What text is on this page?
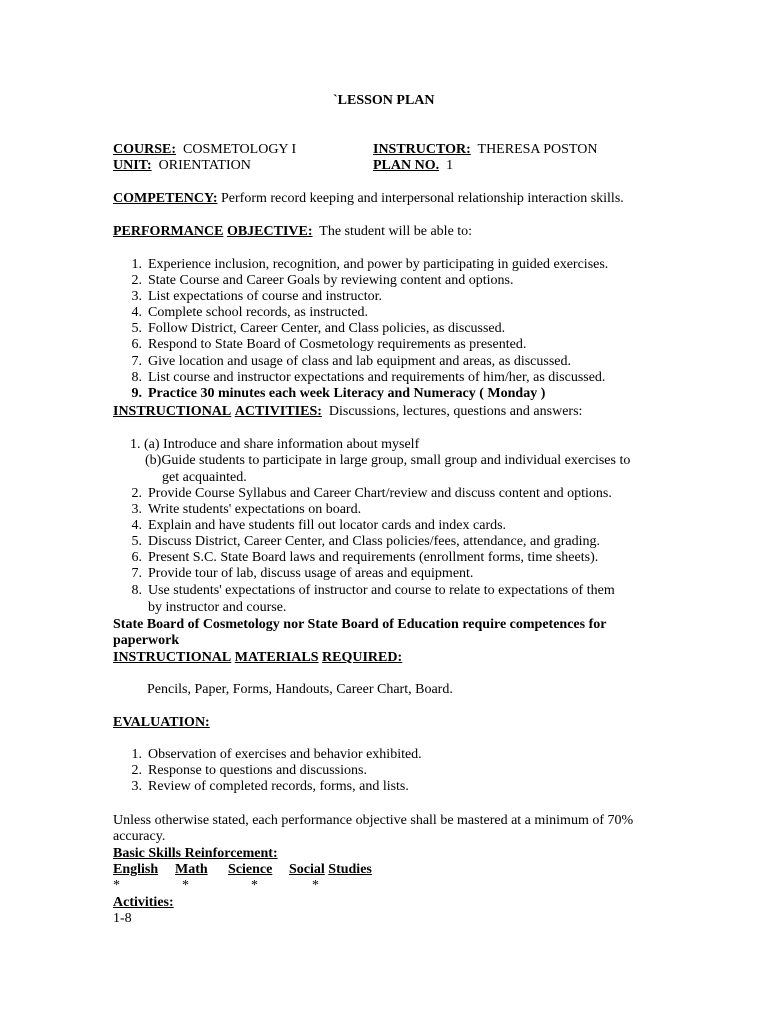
`LESSON PLAN
COURSE: COSMETOLOGY I	INSTRUCTOR: THERESA POSTON
UNIT: ORIENTATION	PLAN NO. 1
COMPETENCY: Perform record keeping and interpersonal relationship interaction skills.
PERFORMANCE OBJECTIVE: The student will be able to:
1. Experience inclusion, recognition, and power by participating in guided exercises.
2. State Course and Career Goals by reviewing content and options.
3. List expectations of course and instructor.
4. Complete school records, as instructed.
5. Follow District, Career Center, and Class policies, as discussed.
6. Respond to State Board of Cosmetology requirements as presented.
7. Give location and usage of class and lab equipment and areas, as discussed.
8. List course and instructor expectations and requirements of him/her, as discussed.
9. Practice 30 minutes each week Literacy and Numeracy ( Monday )
INSTRUCTIONAL ACTIVITIES: Discussions, lectures, questions and answers:
1. (a) Introduce and share information about myself
(b)Guide students to participate in large group, small group and individual exercises to
get acquainted.
2. Provide Course Syllabus and Career Chart/review and discuss content and options.
3. Write students' expectations on board.
4. Explain and have students fill out locator cards and index cards.
5. Discuss District, Career Center, and Class policies/fees, attendance, and grading.
6. Present S.C. State Board laws and requirements (enrollment forms, time sheets).
7. Provide tour of lab, discuss usage of areas and equipment.
8. Use students' expectations of instructor and course to relate to expectations of them
by instructor and course.
State Board of Cosmetology nor State Board of Education require competences for
paperwork
INSTRUCTIONAL MATERIALS REQUIRED:
Pencils, Paper, Forms, Handouts, Career Chart, Board.
EVALUATION:
1. Observation of exercises and behavior exhibited.
2. Response to questions and discussions.
3. Review of completed records, forms, and lists.
Unless otherwise stated, each performance objective shall be mastered at a minimum of 70%
accuracy.
Basic Skills Reinforcement:
English Math Science Social Studies
*	*	*	*
Activities:
1-8
